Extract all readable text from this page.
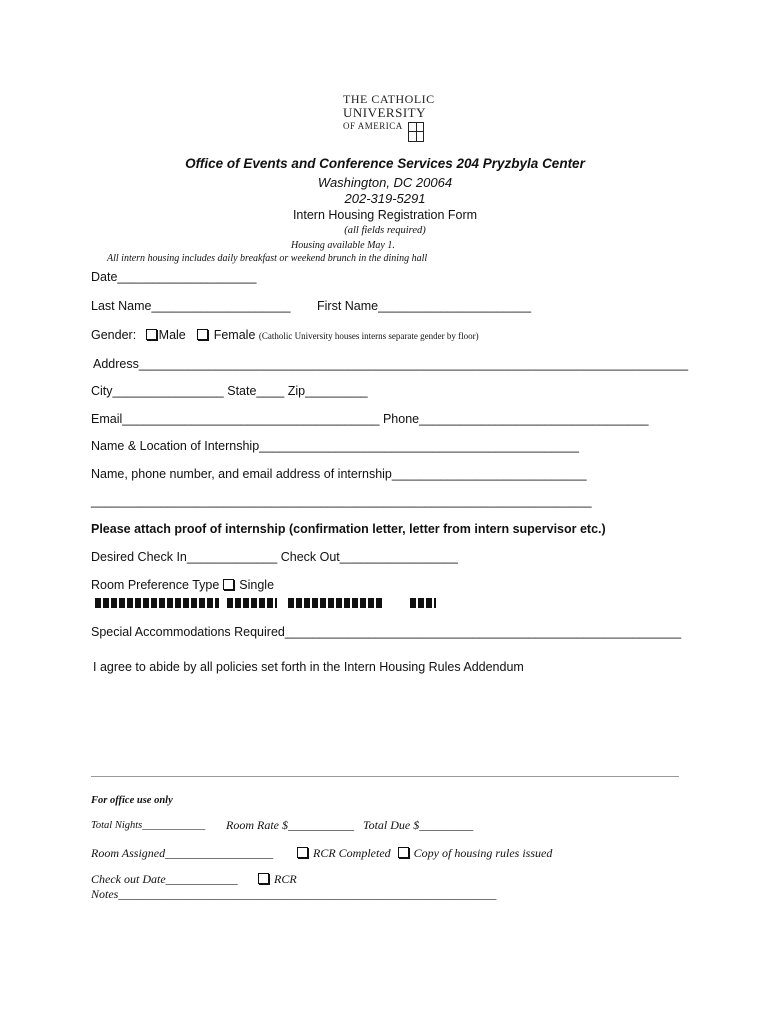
THE CATHOLIC
UNIVERSITY
OF AMERICA
Office of Events and Conference Services 204 Pryzbyla Center
Washington, DC 20064
202-319-5291
Intern Housing Registration Form
(all fields required)
Housing available May 1.
All intern housing includes daily breakfast or weekend brunch in the dining hall
Date____________________
Last Name____________________ First Name______________________
Gender: Male Female (Catholic University houses interns separate gender by floor)
Address_______________________________________________________________________________
City________________ State____ Zip_________
Email_____________________________________ Phone_________________________________
Name & Location of Internship______________________________________________
Name, phone number, and email address of internship____________________________
________________________________________________________________________
Please attach proof of internship (confirmation letter, letter from intern supervisor etc.)
Desired Check In_____________ Check Out_________________
Room Preference Type Single

Special Accommodations Required_________________________________________________________
I agree to abide by all policies set forth in the Intern Housing Rules Addendum
For office use only
Total Nights____________ Room Rate $___________ Total Due $_________
Room Assigned__________________	RCR Completed Copy of housing rules issued
Check out Date____________	RCR
Notes_______________________________________________________________
